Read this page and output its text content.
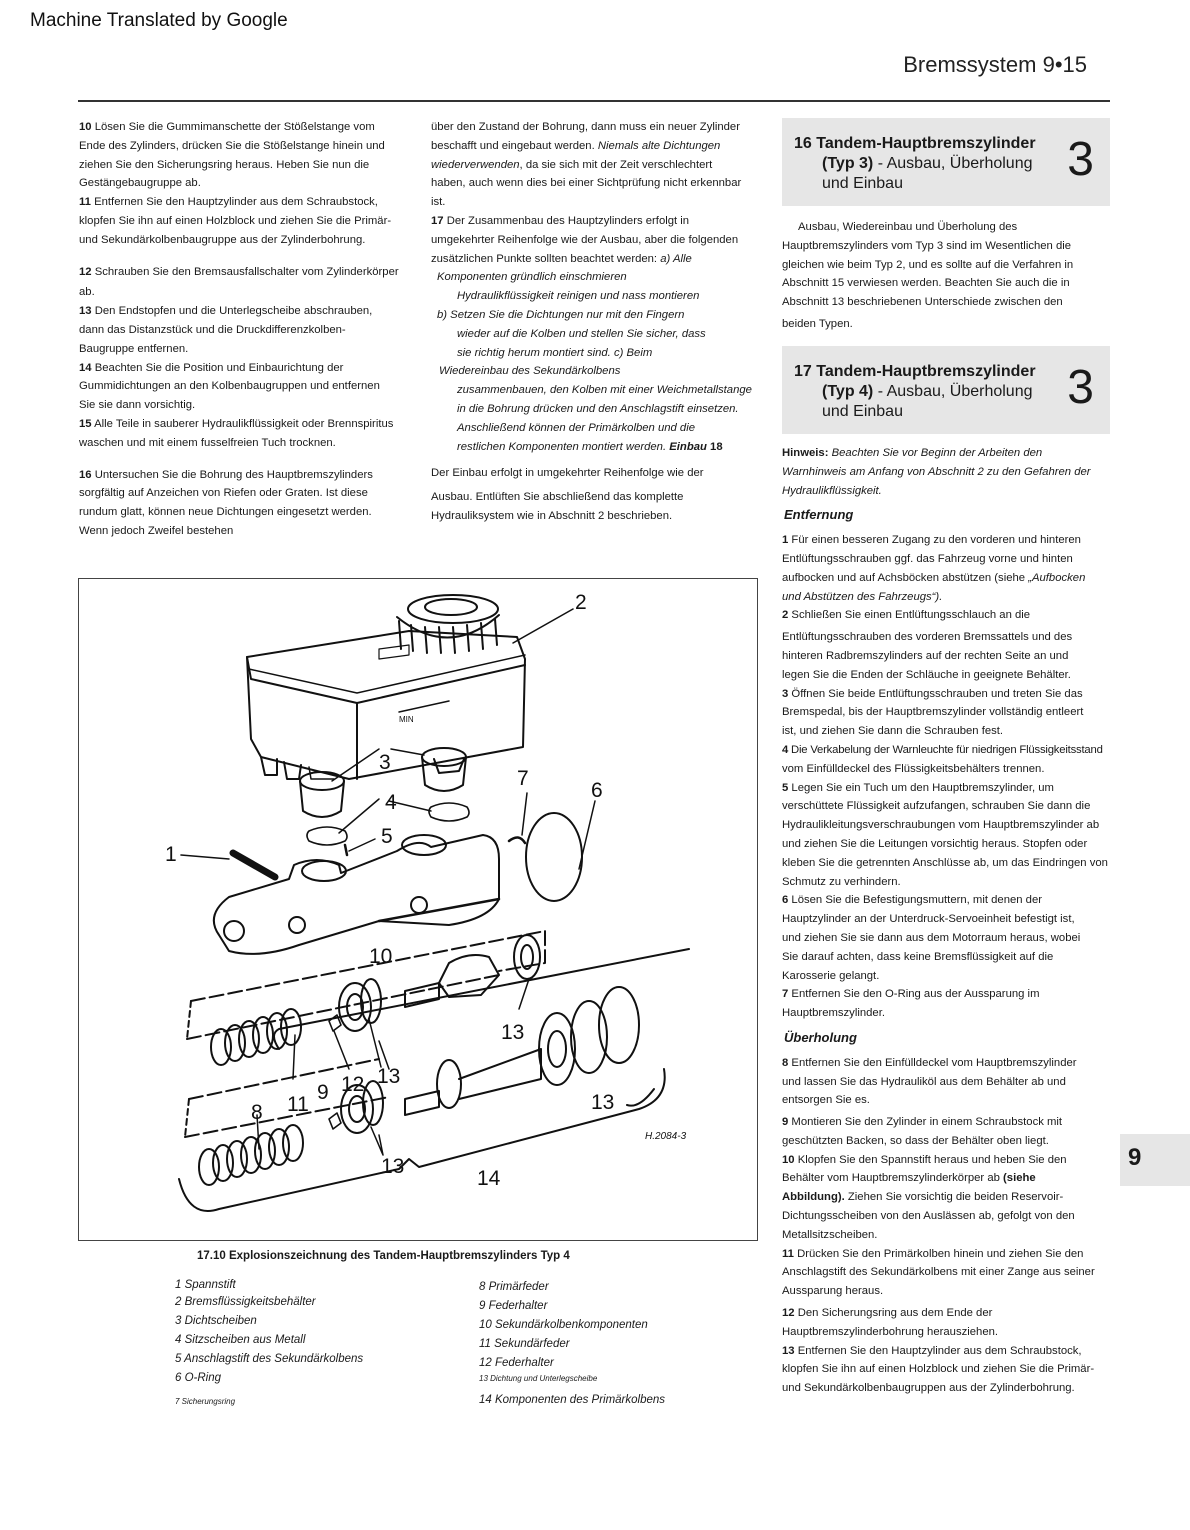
Machine Translated by Google
Bremssystem 9•15

10 Lösen Sie die Gummimanschette der Stößelstange vom

Ende des Zylinders, drücken Sie die Stößelstange hinein und

ziehen Sie den Sicherungsring heraus. Heben Sie nun die

Gestängebaugruppe ab.

11 Entfernen Sie den Hauptzylinder aus dem Schraubstock,

klopfen Sie ihn auf einen Holzblock und ziehen Sie die Primär-

und Sekundärkolbenbaugruppe aus der Zylinderbohrung.

12 Schrauben Sie den Bremsausfallschalter vom Zylinderkörper

ab.

13 Den Endstopfen und die Unterlegscheibe abschrauben,

dann das Distanzstück und die Druckdifferenzkolben-

Baugruppe entfernen.

14 Beachten Sie die Position und Einbaurichtung der

Gummidichtungen an den Kolbenbaugruppen und entfernen

Sie sie dann vorsichtig.

15 Alle Teile in sauberer Hydraulikflüssigkeit oder Brennspiritus

waschen und mit einem fusselfreien Tuch trocknen.

16 Untersuchen Sie die Bohrung des Hauptbremszylinders

sorgfältig auf Anzeichen von Riefen oder Graten. Ist diese

rundum glatt, können neue Dichtungen eingesetzt werden.

Wenn jedoch Zweifel bestehen

über den Zustand der Bohrung, dann muss ein neuer Zylinder

beschafft und eingebaut werden. Niemals alte Dichtungen

wiederverwenden, da sie sich mit der Zeit verschlechtert

haben, auch wenn dies bei einer Sichtprüfung nicht erkennbar

ist.

17 Der Zusammenbau des Hauptzylinders erfolgt in

umgekehrter Reihenfolge wie der Ausbau, aber die folgenden

zusätzlichen Punkte sollten beachtet werden: a) Alle

Komponenten gründlich einschmieren

Hydraulikflüssigkeit reinigen und nass montieren

b) Setzen Sie die Dichtungen nur mit den Fingern

wieder auf die Kolben und stellen Sie sicher, dass

sie richtig herum montiert sind. c) Beim

Wiedereinbau des Sekundärkolbens

zusammenbauen, den Kolben mit einer Weichmetallstange

in die Bohrung drücken und den Anschlagstift einsetzen.

Anschließend können der Primärkolben und die

restlichen Komponenten montiert werden. Einbau 18

Der Einbau erfolgt in umgekehrter Reihenfolge wie der

Ausbau. Entlüften Sie abschließend das komplette

Hydrauliksystem wie in Abschnitt 2 beschrieben.

16 Tandem-Hauptbremszylinder
(Typ 3) - Ausbau, Überholung
und Einbau	3

Ausbau, Wiedereinbau und Überholung des

Hauptbremszylinders vom Typ 3 sind im Wesentlichen die

gleichen wie beim Typ 2, und es sollte auf die Verfahren in

Abschnitt 15 verwiesen werden. Beachten Sie auch die in

Abschnitt 13 beschriebenen Unterschiede zwischen den

beiden Typen.

17 Tandem-Hauptbremszylinder
(Typ 4) - Ausbau, Überholung
und Einbau	3

Hinweis: Beachten Sie vor Beginn der Arbeiten den

Warnhinweis am Anfang von Abschnitt 2 zu den Gefahren der

Hydraulikflüssigkeit.

Entfernung

1 Für einen besseren Zugang zu den vorderen und hinteren

Entlüftungsschrauben ggf. das Fahrzeug vorne und hinten

aufbocken und auf Achsböcken abstützen (siehe „Aufbocken

und Abstützen des Fahrzeugs“).

2 Schließen Sie einen Entlüftungsschlauch an die

Entlüftungsschrauben des vorderen Bremssattels und des

hinteren Radbremszylinders auf der rechten Seite an und

legen Sie die Enden der Schläuche in geeignete Behälter.

3 Öffnen Sie beide Entlüftungsschrauben und treten Sie das

Bremspedal, bis der Hauptbremszylinder vollständig entleert

ist, und ziehen Sie dann die Schrauben fest.

4 Die Verkabelung der Warnleuchte für niedrigen Flüssigkeitsstand

vom Einfülldeckel des Flüssigkeitsbehälters trennen.

5 Legen Sie ein Tuch um den Hauptbremszylinder, um

verschüttete Flüssigkeit aufzufangen, schrauben Sie dann die

Hydraulikleitungsverschraubungen vom Hauptbremszylinder ab

und ziehen Sie die Leitungen vorsichtig heraus. Stopfen oder

kleben Sie die getrennten Anschlüsse ab, um das Eindringen von

Schmutz zu verhindern.

6 Lösen Sie die Befestigungsmuttern, mit denen der

Hauptzylinder an der Unterdruck-Servoeinheit befestigt ist,

und ziehen Sie sie dann aus dem Motorraum heraus, wobei

Sie darauf achten, dass keine Bremsflüssigkeit auf die

Karosserie gelangt.

7 Entfernen Sie den O-Ring aus der Aussparung im

Hauptbremszylinder.

Überholung

8 Entfernen Sie den Einfülldeckel vom Hauptbremszylinder

und lassen Sie das Hydrauliköl aus dem Behälter ab und

entsorgen Sie es.

9 Montieren Sie den Zylinder in einem Schraubstock mit

geschützten Backen, so dass der Behälter oben liegt.

10 Klopfen Sie den Spannstift heraus und heben Sie den

Behälter vom Hauptbremszylinderkörper ab (siehe

Abbildung). Ziehen Sie vorsichtig die beiden Reservoir-

Dichtungsscheiben von den Auslässen ab, gefolgt von den

Metallsitzscheiben.

11 Drücken Sie den Primärkolben hinein und ziehen Sie den

Anschlagstift des Sekundärkolbens mit einer Zange aus seiner

Aussparung heraus.

12 Den Sicherungsring aus dem Ende der

Hauptbremszylinderbohrung herausziehen.

13 Entfernen Sie den Hauptzylinder aus dem Schraubstock,

klopfen Sie ihn auf einen Holzblock und ziehen Sie die Primär-

und Sekundärkolbenbaugruppen aus der Zylinderbohrung.

9
MIN
1
2
3
4
5
6
7
8
9
10
11
12 13
13
13
13
14
H.2084-3
17.10 Explosionszeichnung des Tandem-Hauptbremszylinders Typ 4
1 Spannstift
2 Bremsflüssigkeitsbehälter
3 Dichtscheiben
4 Sitzscheiben aus Metall
5 Anschlagstift des Sekundärkolbens
6 O-Ring
7 Sicherungsring
8 Primärfeder
9 Federhalter
10 Sekundärkolbenkomponenten
11 Sekundärfeder
12 Federhalter
13 Dichtung und Unterlegscheibe
14 Komponenten des Primärkolbens
